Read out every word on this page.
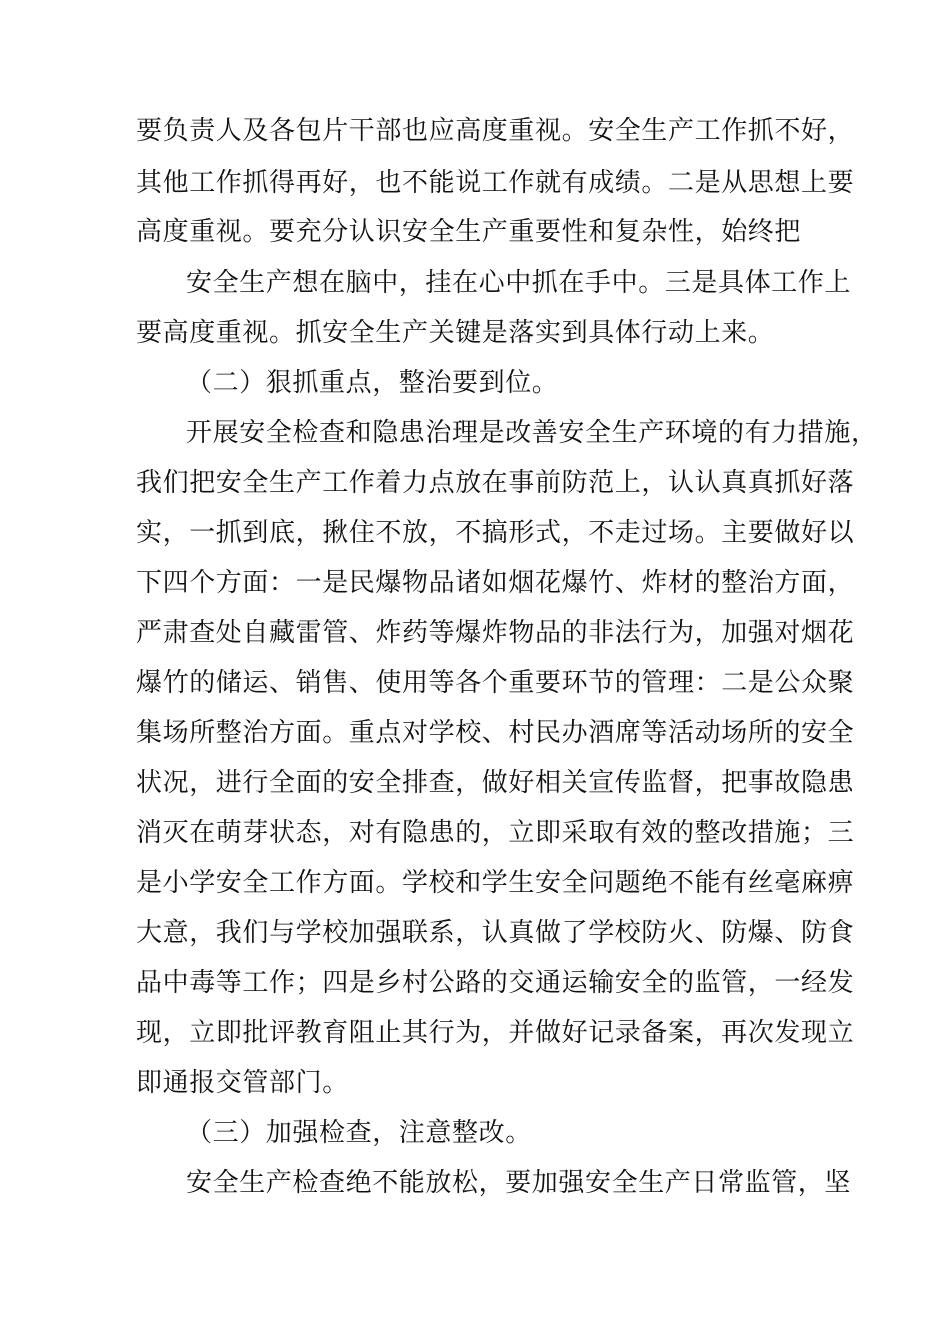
要负责人及各包片干部也应高度重视。安全生产工作抓不好，
其他工作抓得再好，也不能说工作就有成绩。二是从思想上要
高度重视。要充分认识安全生产重要性和复杂性，始终把
安全生产想在脑中，挂在心中抓在手中。三是具体工作上
要高度重视。抓安全生产关键是落实到具体行动上来。
（二）狠抓重点，整治要到位。
开展安全检查和隐患治理是改善安全生产环境的有力措施，
我们把安全生产工作着力点放在事前防范上，认认真真抓好落
实，一抓到底，揪住不放，不搞形式，不走过场。主要做好以
下四个方面：一是民爆物品诸如烟花爆竹、炸材的整治方面，
严肃查处自藏雷管、炸药等爆炸物品的非法行为，加强对烟花
爆竹的储运、销售、使用等各个重要环节的管理：二是公众聚
集场所整治方面。重点对学校、村民办酒席等活动场所的安全
状况，进行全面的安全排查，做好相关宣传监督，把事故隐患
消灭在萌芽状态，对有隐患的，立即采取有效的整改措施；三
是小学安全工作方面。学校和学生安全问题绝不能有丝毫麻痹
大意，我们与学校加强联系，认真做了学校防火、防爆、防食
品中毒等工作；四是乡村公路的交通运输安全的监管，一经发
现，立即批评教育阻止其行为，并做好记录备案，再次发现立
即通报交管部门。
（三）加强检查，注意整改。
安全生产检查绝不能放松，要加强安全生产日常监管，坚
